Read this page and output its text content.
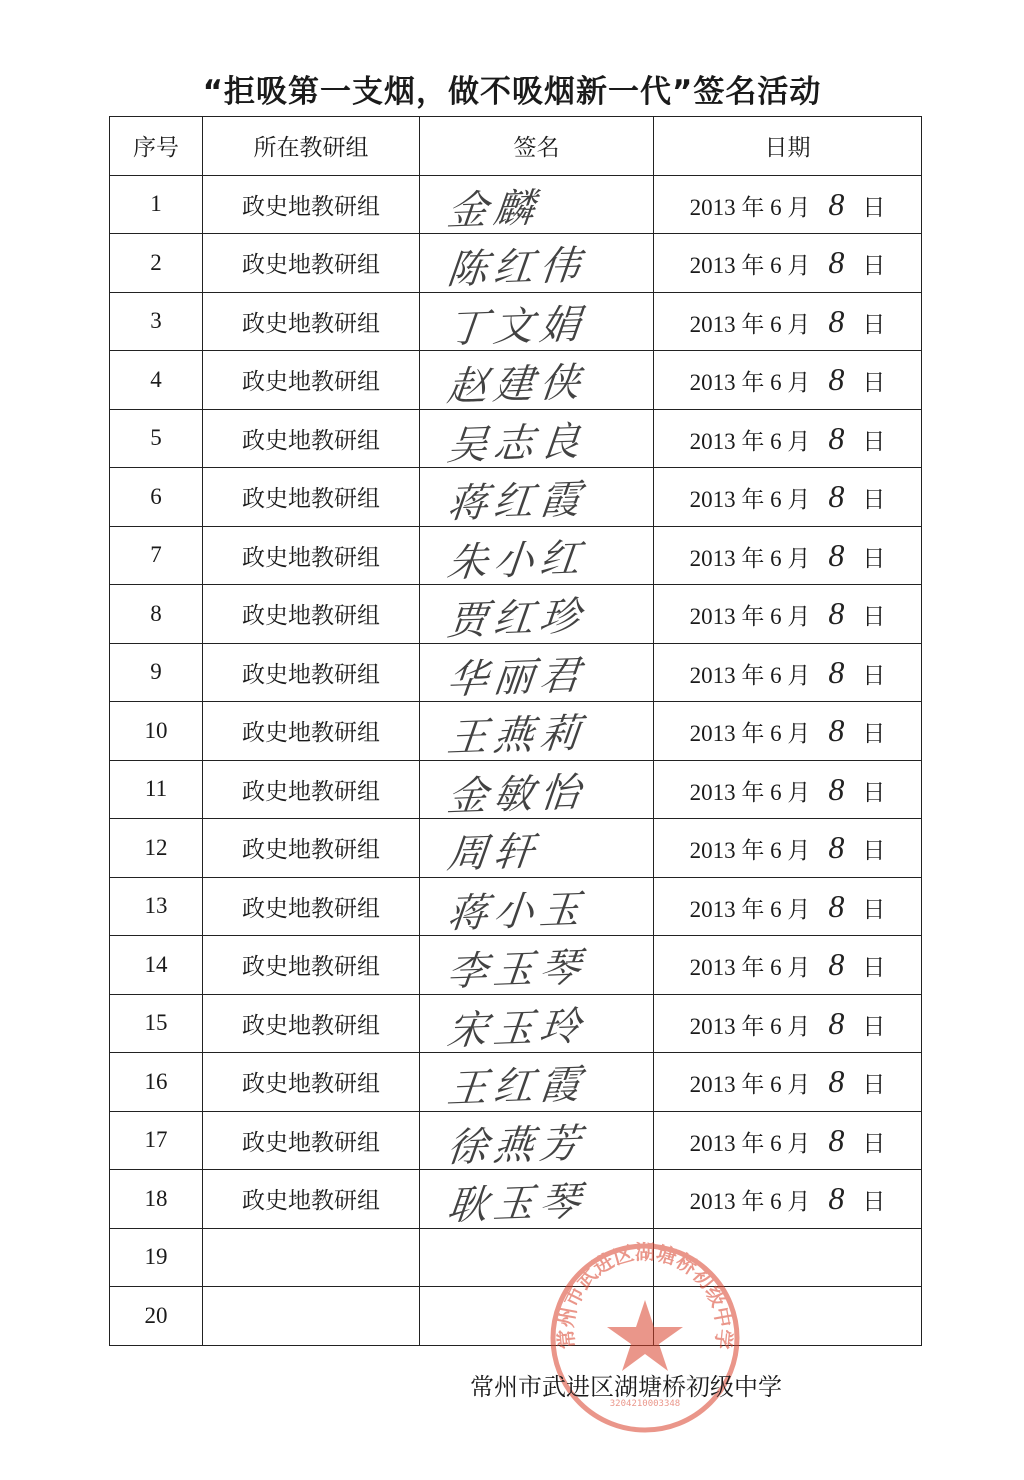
“拒吸第一支烟，做不吸烟新一代”签名活动
序号	所在教研组	签名	日期
1	政史地教研组	金麟	2013 年 6 月 8 日
2	政史地教研组	陈红伟	2013 年 6 月 8 日
3	政史地教研组	丁文娟	2013 年 6 月 8 日
4	政史地教研组	赵建侠	2013 年 6 月 8 日
5	政史地教研组	吴志良	2013 年 6 月 8 日
6	政史地教研组	蒋红霞	2013 年 6 月 8 日
7	政史地教研组	朱小红	2013 年 6 月 8 日
8	政史地教研组	贾红珍	2013 年 6 月 8 日
9	政史地教研组	华丽君	2013 年 6 月 8 日
10	政史地教研组	王燕莉	2013 年 6 月 8 日
11	政史地教研组	金敏怡	2013 年 6 月 8 日
12	政史地教研组	周轩	2013 年 6 月 8 日
13	政史地教研组	蒋小玉	2013 年 6 月 8 日
14	政史地教研组	李玉琴	2013 年 6 月 8 日
15	政史地教研组	宋玉玲	2013 年 6 月 8 日
16	政史地教研组	王红霞	2013 年 6 月 8 日
17	政史地教研组	徐燕芳	2013 年 6 月 8 日
18	政史地教研组	耿玉琴	2013 年 6 月 8 日
19		

20		

常州市武进区湖塘桥初级中学
3204210003348
常州市武进区湖塘桥初级中学
